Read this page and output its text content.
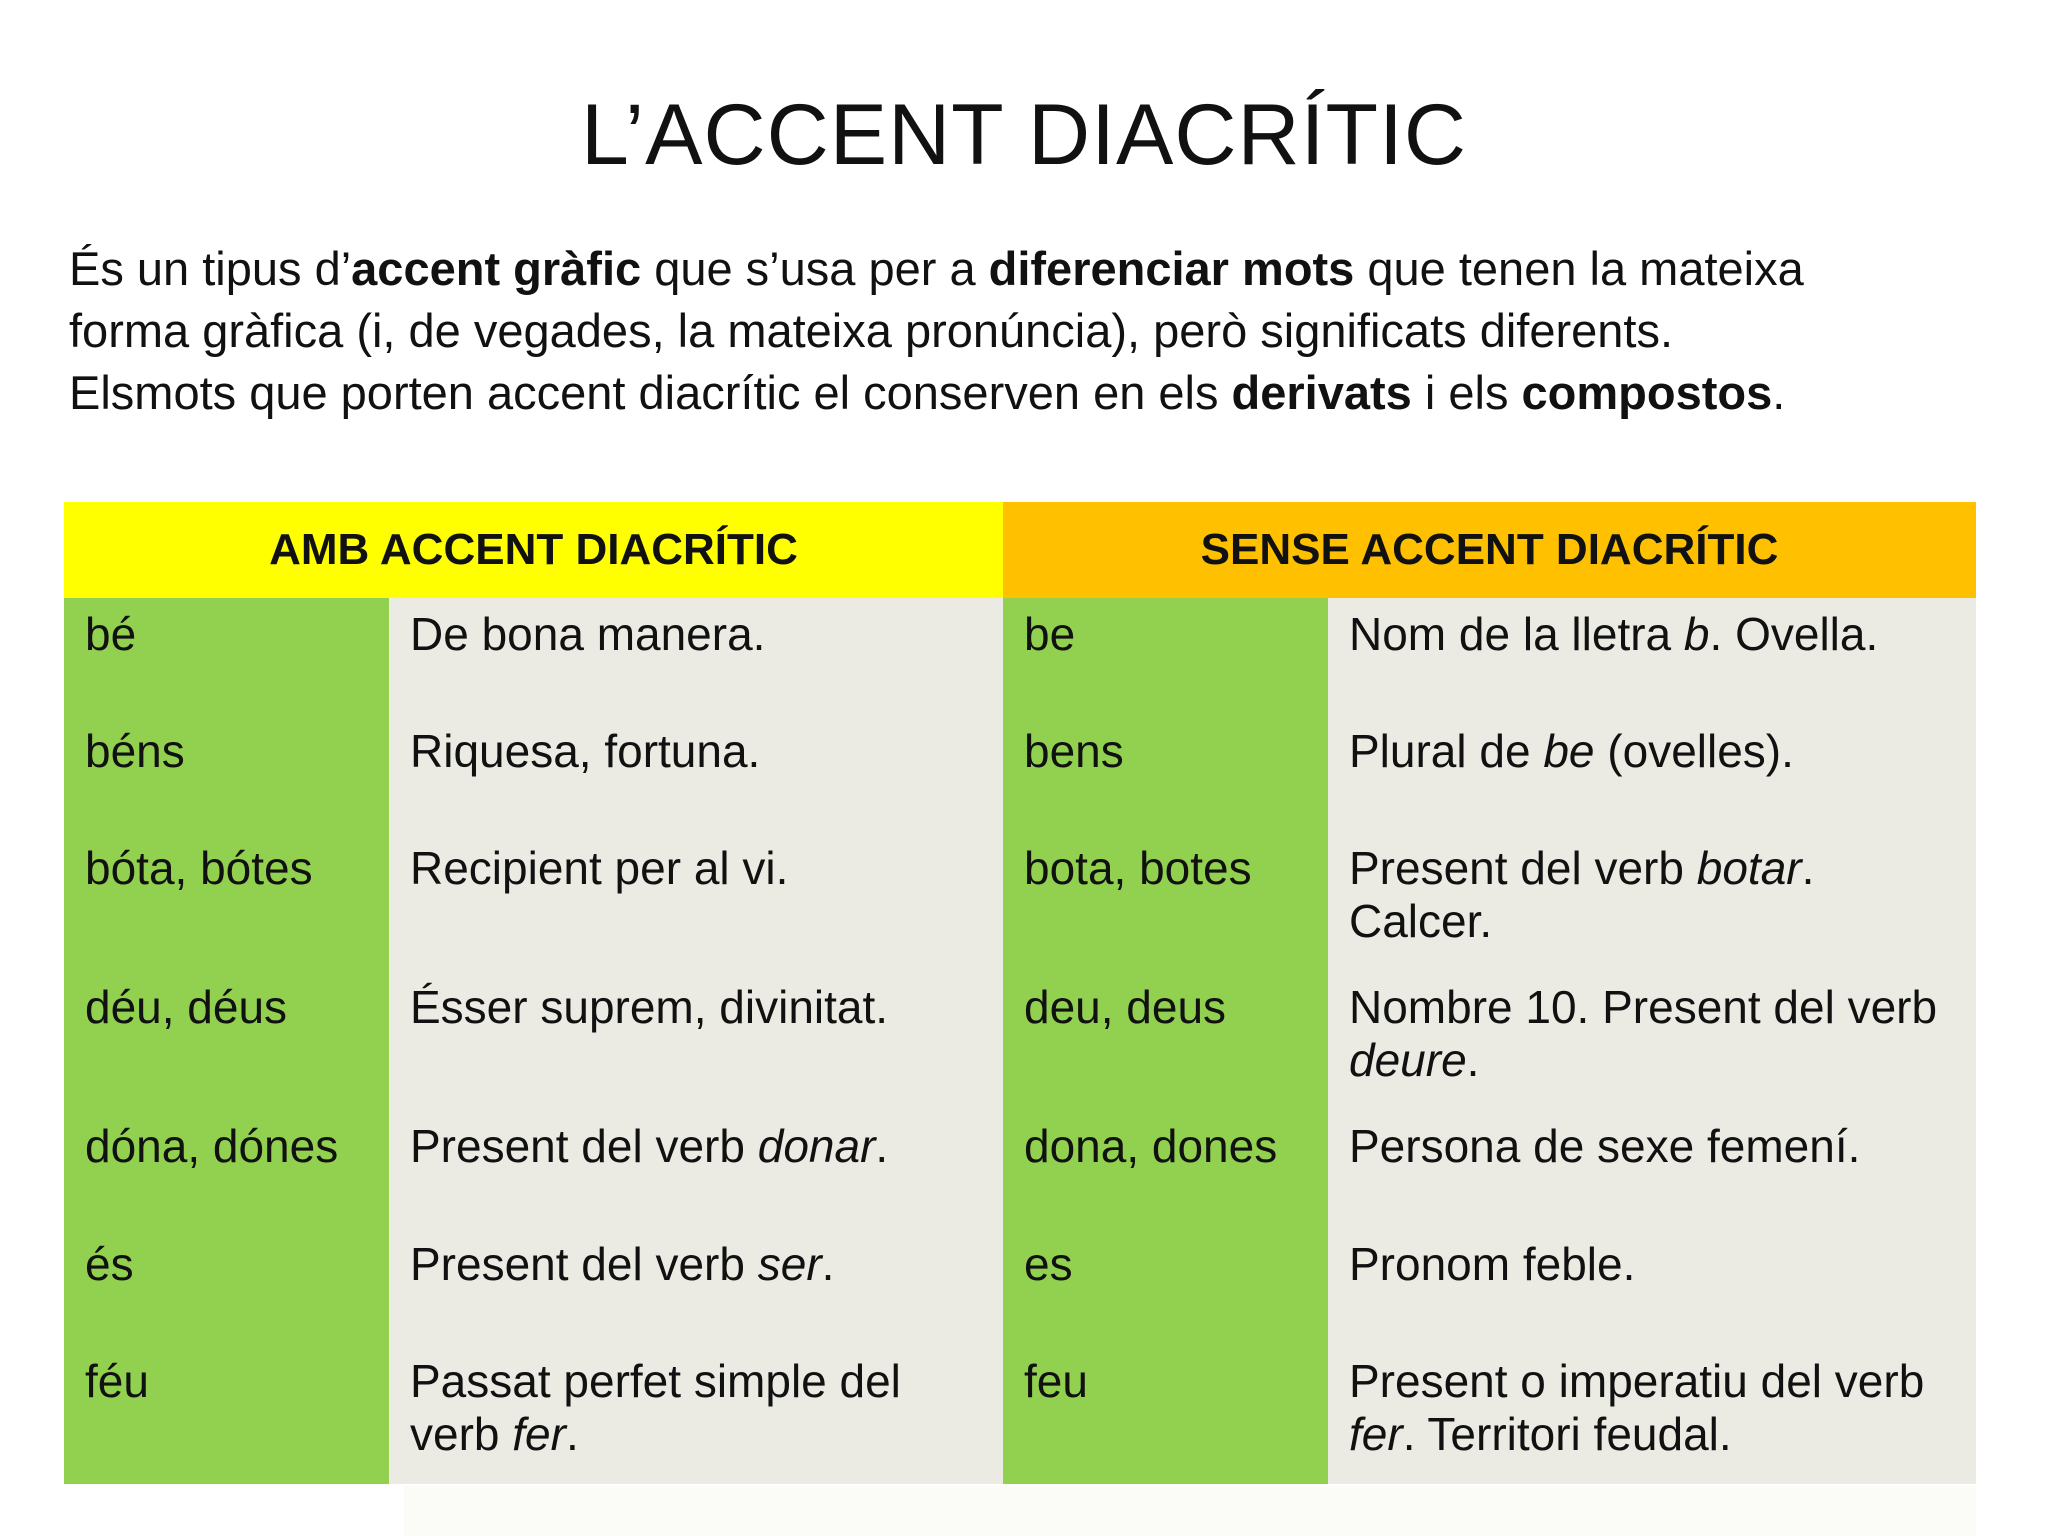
L’ACCENT DIACRÍTIC

És un tipus d’accent gràfic que s’usa per a diferenciar mots que tenen la mateixa

forma gràfica (i, de vegades, la mateixa pronúncia), però significats diferents.

Elsmots que porten accent diacrític el conserven en els derivats i els compostos.

AMB ACCENT DIACRÍTIC		SENSE ACCENT DIACRÍTIC	
bé	De bona manera.	be	Nom de la lletra b. Ovella.
béns	Riquesa, fortuna.	bens	Plural de be (ovelles).
bóta, bótes	Recipient per al vi.	bota, botes	Present del verb botar. Calcer.
déu, déus	Ésser suprem, divinitat.	deu, deus	Nombre 10. Present del verb deure.
dóna, dónes	Present del verb donar.	dona, dones	Persona de sexe femení.
és	Present del verb ser.	es	Pronom feble.
féu	Passat perfet simple del verb fer.	feu	Present o imperatiu del verb fer. Territori feudal.
